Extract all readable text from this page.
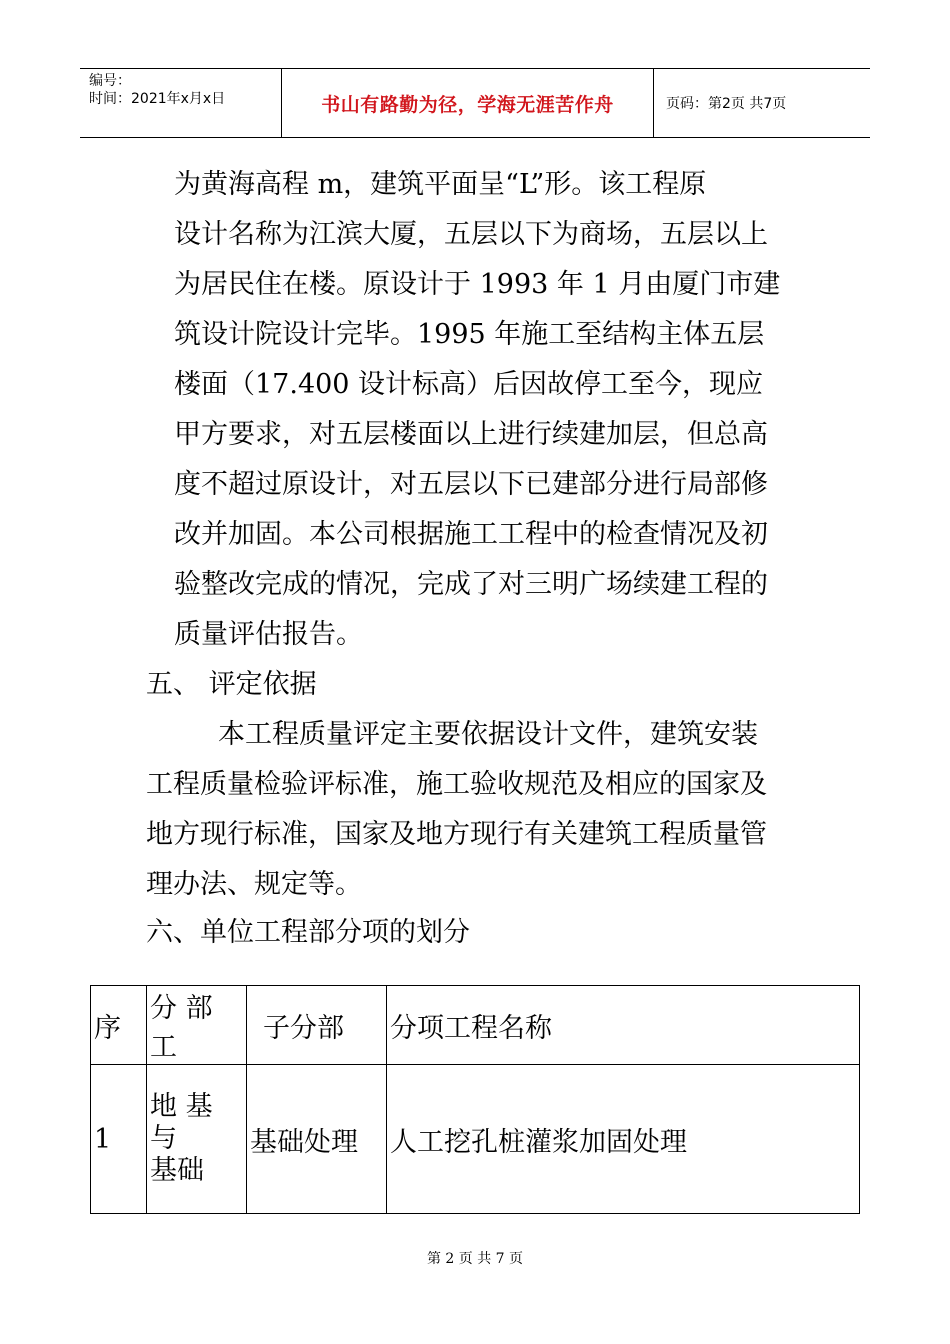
编号：
时间：2021年x月x日	书山有路勤为径，学海无涯苦作舟	页码：第2页 共7页
为黄海高程 m，建筑平面呈“L”形。该工程原
设计名称为江滨大厦，五层以下为商场，五层以上
为居民住在楼。原设计于 1993 年 1 月由厦门市建
筑设计院设计完毕。1995 年施工至结构主体五层
楼面（17.400 设计标高）后因故停工至今，现应
甲方要求，对五层楼面以上进行续建加层，但总高
度不超过原设计，对五层以下已建部分进行局部修
改并加固。本公司根据施工工程中的检查情况及初
验整改完成的情况，完成了对三明广场续建工程的
质量评估报告。
五、 评定依据
本工程质量评定主要依据设计文件，建筑安装
工程质量检验评标准，施工验收规范及相应的国家及
地方现行标准，国家及地方现行有关建筑工程质量管
理办法、规定等。
六、单位工程部分项的划分
序	分 部 工	子分部	分项工程名称
1	地 基 与
基础	基础处理	人工挖孔桩灌浆加固处理
第 2 页 共 7 页
